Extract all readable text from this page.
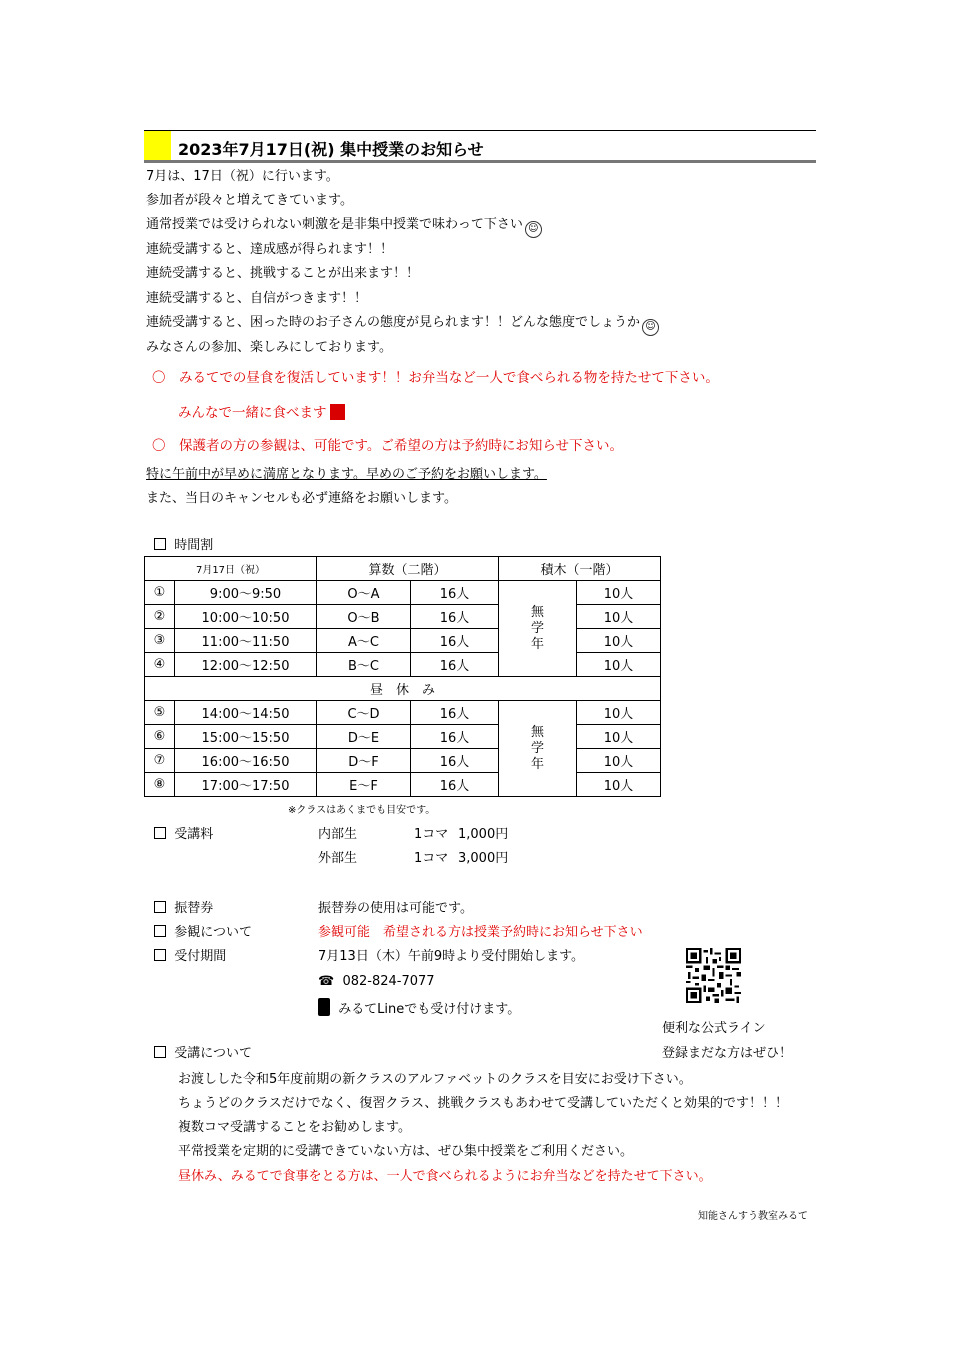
2023年7月17日(祝) 集中授業のお知らせ
7月は、17日（祝）に行います。
参加者が段々と増えてきています。
通常授業では受けられない刺激を是非集中授業で味わって下さい ☺
連続受講すると、達成感が得られます！！
連続受講すると、挑戦することが出来ます！！
連続受講すると、自信がつきます！！
連続受講すると、困った時のお子さんの態度が見られます！！どんな態度でしょうか ☺
みなさんの参加、楽しみにしております。
〇　みるてでの昼食を復活しています！！お弁当など一人で食べられる物を持たせて下さい。
みんなで一緒に食べます
〇　保護者の方の参観は、可能です。ご希望の方は予約時にお知らせ下さい。
特に午前中が早めに満席となります。早めのご予約をお願いします。
また、当日のキャンセルも必ず連絡をお願いします。
時間割
7月17日（祝）		算数（二階）		積木（一階）	
①	9:00〜9:50	O〜A	16人	無学年	10人
②	10:00〜10:50	O〜B	16人		10人
③	11:00〜11:50	A〜C	16人		10人
④	12:00〜12:50	B〜C	16人		10人
昼　休　み					
⑤	14:00〜14:50	C〜D	16人	無学年	10人
⑥	15:00〜15:50	D〜E	16人		10人
⑦	16:00〜16:50	D〜F	16人		10人
⑧	17:00〜17:50	E〜F	16人		10人
※クラスはあくまでも目安です。
受講料	内部生	1コマ 1,000円
外部生	1コマ 3,000円
振替券	振替券の使用は可能です。
参観について	参観可能　希望される方は授業予約時にお知らせ下さい
受付期間	7月13日（木）午前9時より受付開始します。
☎ 082-824-7077
みるてLineでも受け付けます。
便利な公式ライン
登録まだな方はぜひ！
受講について
お渡しした令和5年度前期の新クラスのアルファベットのクラスを目安にお受け下さい。
ちょうどのクラスだけでなく、復習クラス、挑戦クラスもあわせて受講していただくと効果的です！！！
複数コマ受講することをお勧めします。
平常授業を定期的に受講できていない方は、ぜひ集中授業をご利用ください。
昼休み、みるてで食事をとる方は、一人で食べられるようにお弁当などを持たせて下さい。
知能さんすう教室みるて
